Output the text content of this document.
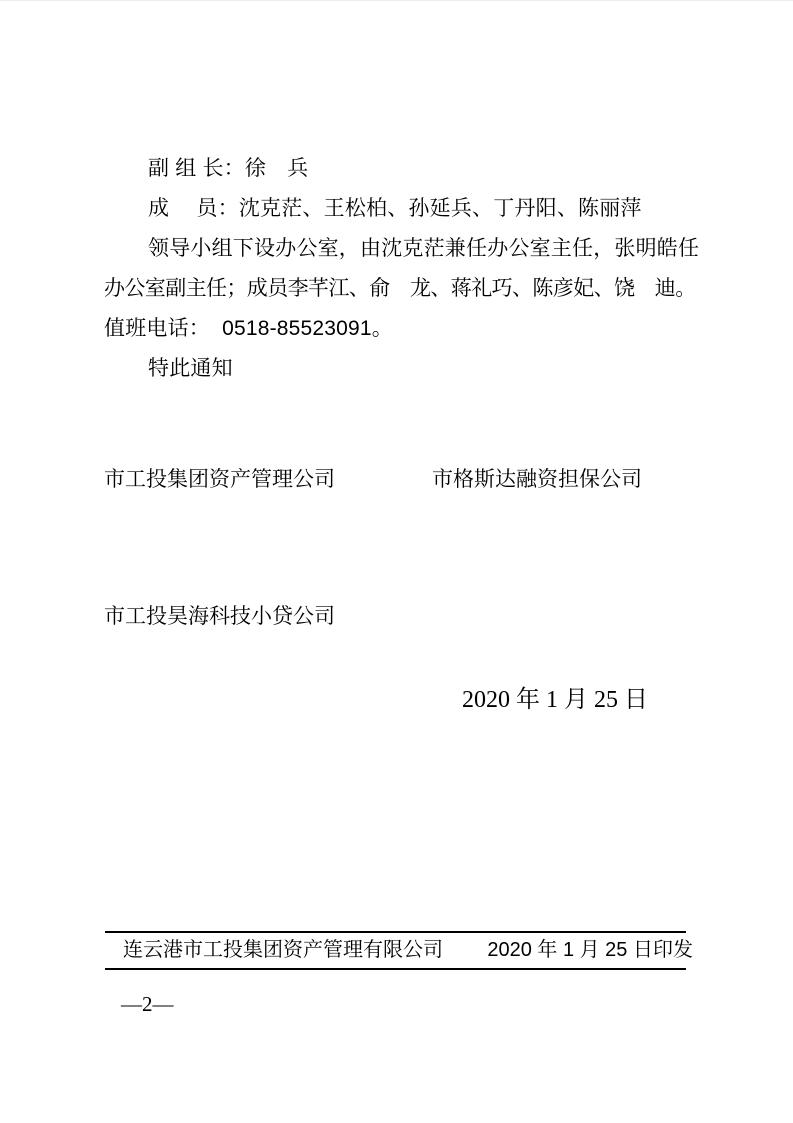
副 组 长：徐　兵
成　 员：沈克茫、王松柏、孙延兵、丁丹阳、陈丽萍
领导小组下设办公室，由沈克茫兼任办公室主任，张明皓任
办公室副主任；成员李芊江、俞　龙、蒋礼巧、陈彦妃、饶　迪。
值班电话：  0518-85523091。
特此通知
市工投集团资产管理公司	市格斯达融资担保公司
市工投昊海科技小贷公司
2020 年 1 月 25 日
连云港市工投集团资产管理有限公司 2020 年 1 月 25 日印发
—2—
